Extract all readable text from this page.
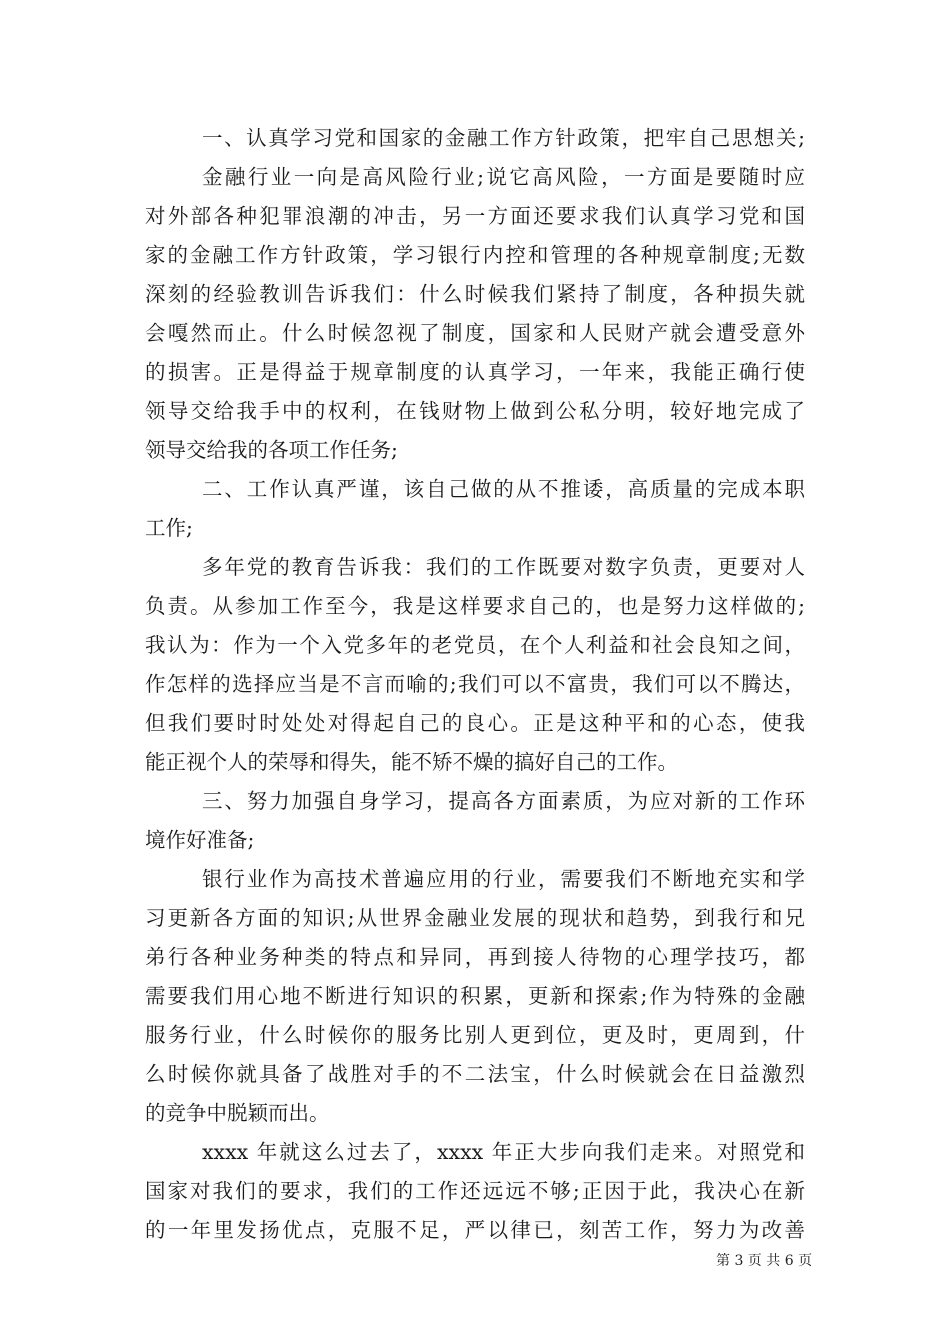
一、认真学习党和国家的金融工作方针政策，把牢自己思想关;
金融行业一向是高风险行业;说它高风险，一方面是要随时应
对外部各种犯罪浪潮的冲击，另一方面还要求我们认真学习党和国
家的金融工作方针政策，学习银行内控和管理的各种规章制度;无数
深刻的经验教训告诉我们：什么时候我们紧持了制度，各种损失就
会嘎然而止。什么时候忽视了制度，国家和人民财产就会遭受意外
的损害。正是得益于规章制度的认真学习，一年来，我能正确行使
领导交给我手中的权利，在钱财物上做到公私分明，较好地完成了
领导交给我的各项工作任务;
二、工作认真严谨，该自己做的从不推诿，高质量的完成本职
工作;
多年党的教育告诉我：我们的工作既要对数字负责，更要对人
负责。从参加工作至今，我是这样要求自己的，也是努力这样做的;
我认为：作为一个入党多年的老党员，在个人利益和社会良知之间，
作怎样的选择应当是不言而喻的;我们可以不富贵，我们可以不腾达，
但我们要时时处处对得起自己的良心。正是这种平和的心态，使我
能正视个人的荣辱和得失，能不矫不燥的搞好自己的工作。
三、努力加强自身学习，提高各方面素质，为应对新的工作环
境作好准备;
银行业作为高技术普遍应用的行业，需要我们不断地充实和学
习更新各方面的知识;从世界金融业发展的现状和趋势，到我行和兄
弟行各种业务种类的特点和异同，再到接人待物的心理学技巧，都
需要我们用心地不断进行知识的积累，更新和探索;作为特殊的金融
服务行业，什么时候你的服务比别人更到位，更及时，更周到，什
么时候你就具备了战胜对手的不二法宝，什么时候就会在日益激烈
的竞争中脱颖而出。
xxxx 年就这么过去了，xxxx 年正大步向我们走来。对照党和
国家对我们的要求，我们的工作还远远不够;正因于此，我决心在新
的一年里发扬优点，克服不足，严以律已，刻苦工作，努力为改善
第 3 页 共 6 页
